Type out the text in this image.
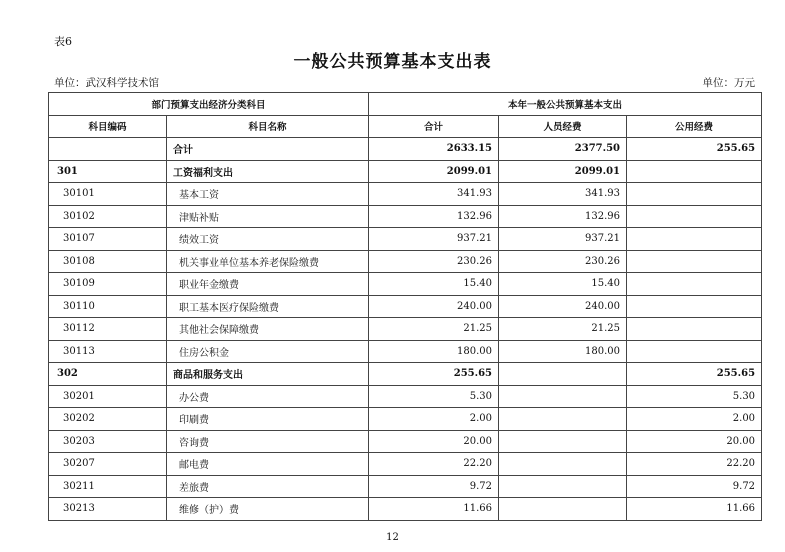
表6
一般公共预算基本支出表
单位：武汉科学技术馆	单位：万元
部门预算支出经济分类科目		本年一般公共预算基本支出		
科目编码	科目名称	合计	人员经费	公用经费
	合计	2633.15	2377.50	255.65
301	工资福利支出	2099.01	2099.01	
30101	基本工资	341.93	341.93	
30102	津贴补贴	132.96	132.96	
30107	绩效工资	937.21	937.21	
30108	机关事业单位基本养老保险缴费	230.26	230.26	
30109	职业年金缴费	15.40	15.40	
30110	职工基本医疗保险缴费	240.00	240.00	
30112	其他社会保障缴费	21.25	21.25	
30113	住房公积金	180.00	180.00	
302	商品和服务支出	255.65		255.65
30201	办公费	5.30		5.30
30202	印刷费	2.00		2.00
30203	咨询费	20.00		20.00
30207	邮电费	22.20		22.20
30211	差旅费	9.72		9.72
30213	维修（护）费	11.66		11.66
12
